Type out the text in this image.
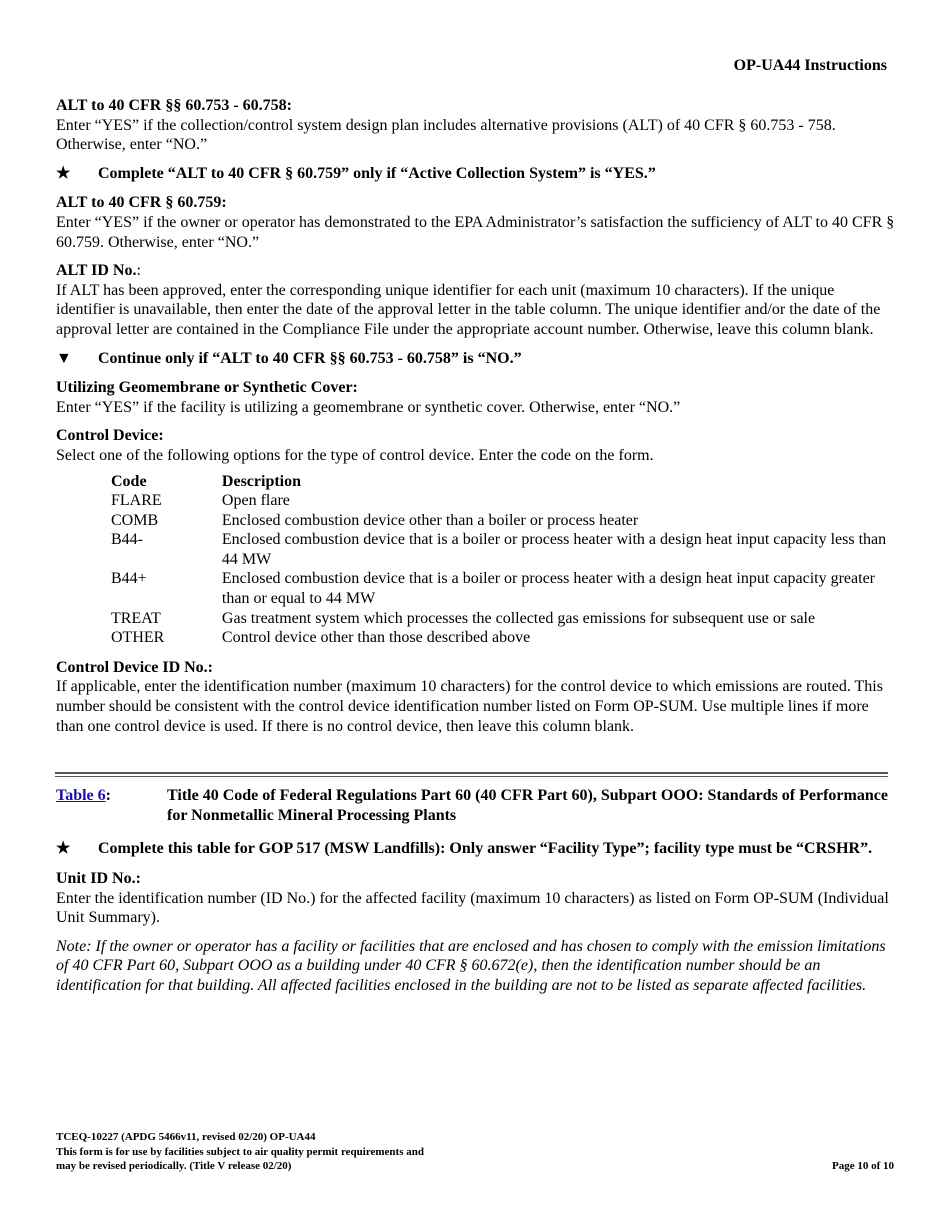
OP-UA44 Instructions
ALT to 40 CFR §§ 60.753 - 60.758:
Enter “YES” if the collection/control system design plan includes alternative provisions (ALT) of 40 CFR § 60.753 - 758. Otherwise, enter “NO.”
★	Complete “ALT to 40 CFR § 60.759” only if “Active Collection System” is “YES.”
ALT to 40 CFR § 60.759:
Enter “YES” if the owner or operator has demonstrated to the EPA Administrator’s satisfaction the sufficiency of ALT to 40 CFR § 60.759. Otherwise, enter “NO.”
ALT ID No.:
If ALT has been approved, enter the corresponding unique identifier for each unit (maximum 10 characters). If the unique identifier is unavailable, then enter the date of the approval letter in the table column. The unique identifier and/or the date of the approval letter are contained in the Compliance File under the appropriate account number. Otherwise, leave this column blank.
▼ Continue only if “ALT to 40 CFR §§ 60.753 - 60.758” is “NO.”
Utilizing Geomembrane or Synthetic Cover:
Enter “YES” if the facility is utilizing a geomembrane or synthetic cover. Otherwise, enter “NO.”
Control Device:
Select one of the following options for the type of control device. Enter the code on the form.
Code	Description
FLARE	Open flare
COMB	Enclosed combustion device other than a boiler or process heater
B44-	Enclosed combustion device that is a boiler or process heater with a design heat input capacity less than 44 MW
B44+	Enclosed combustion device that is a boiler or process heater with a design heat input capacity greater than or equal to 44 MW
TREAT	Gas treatment system which processes the collected gas emissions for subsequent use or sale
OTHER	Control device other than those described above
Control Device ID No.:
If applicable, enter the identification number (maximum 10 characters) for the control device to which emissions are routed. This number should be consistent with the control device identification number listed on Form OP-SUM. Use multiple lines if more than one control device is used. If there is no control device, then leave this column blank.
Table 6:	Title 40 Code of Federal Regulations Part 60 (40 CFR Part 60), Subpart OOO: Standards of Performance for Nonmetallic Mineral Processing Plants
★	Complete this table for GOP 517 (MSW Landfills): Only answer “Facility Type”; facility type must be “CRSHR”.
Unit ID No.:
Enter the identification number (ID No.) for the affected facility (maximum 10 characters) as listed on Form OP-SUM (Individual Unit Summary).
Note: If the owner or operator has a facility or facilities that are enclosed and has chosen to comply with the emission limitations of 40 CFR Part 60, Subpart OOO as a building under 40 CFR § 60.672(e), then the identification number should be an identification for that building. All affected facilities enclosed in the building are not to be listed as separate affected facilities.
TCEQ-10227 (APDG 5466v11, revised 02/20) OP-UA44
This form is for use by facilities subject to air quality permit requirements and
may be revised periodically. (Title V release 02/20)	Page 10 of 10
